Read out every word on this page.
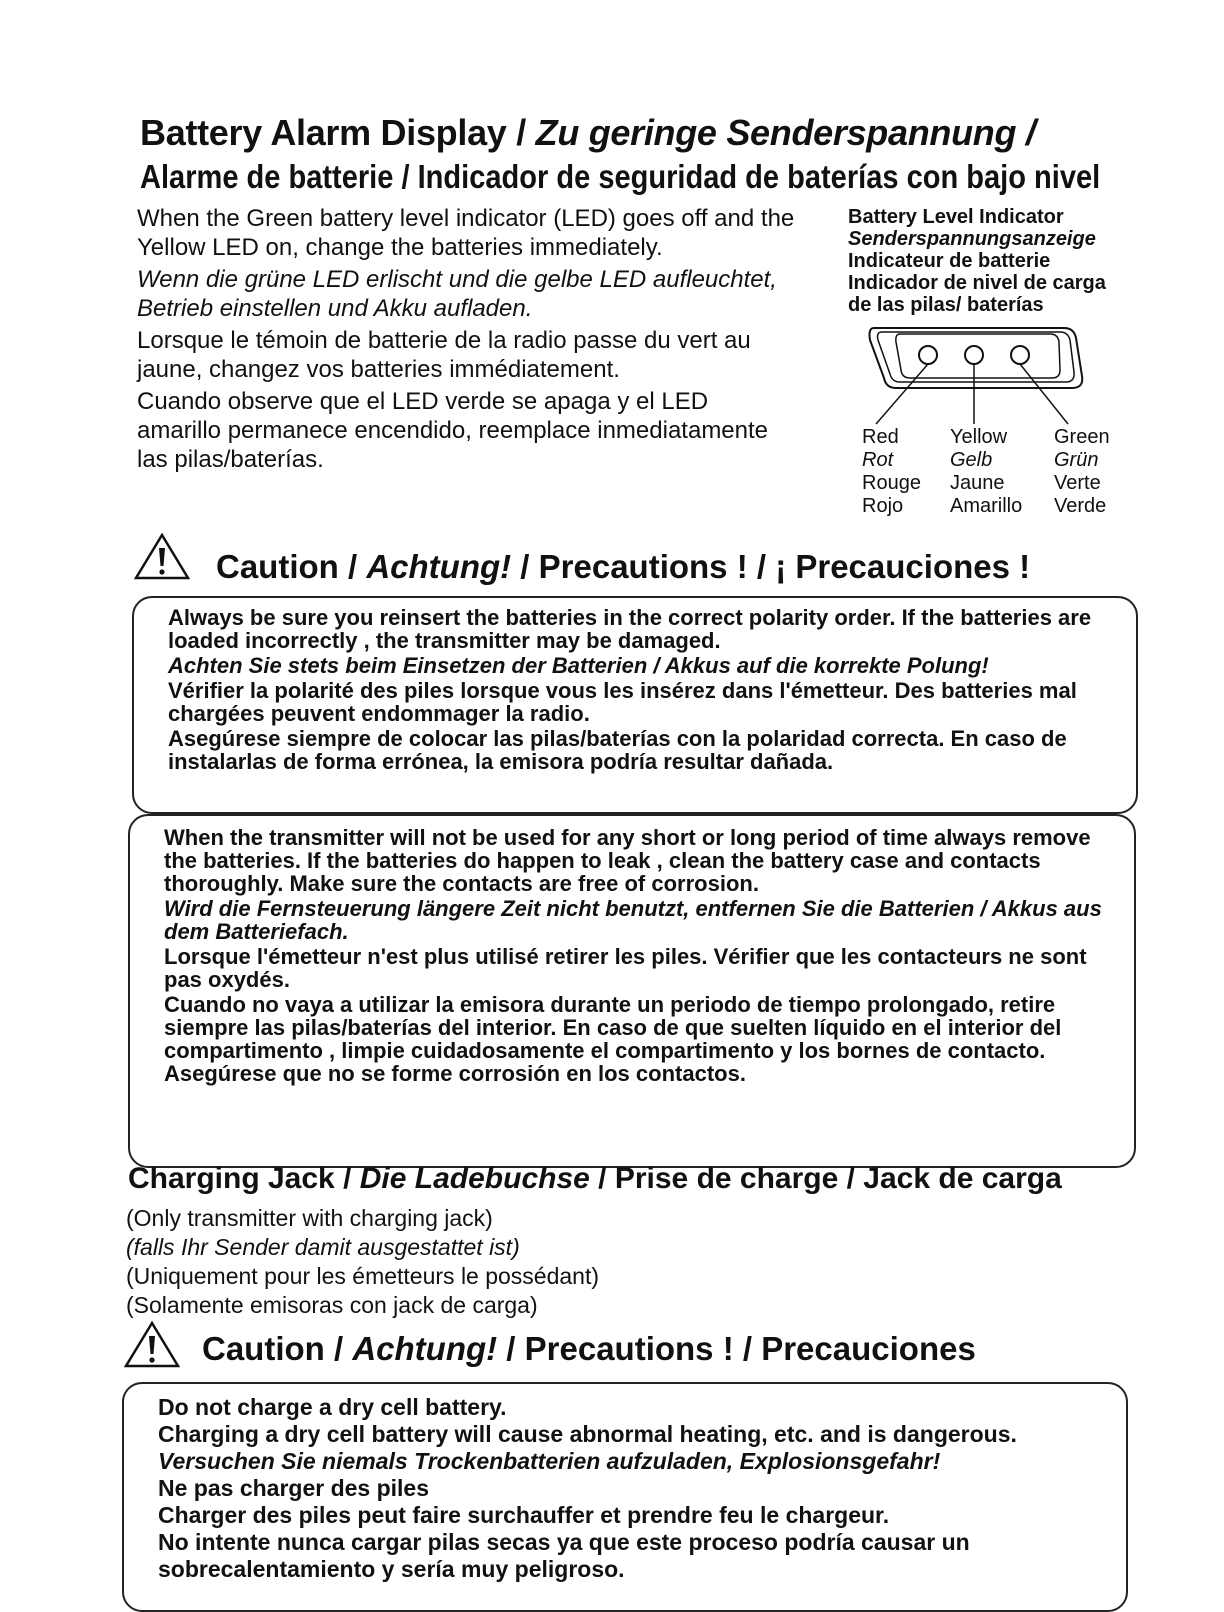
Battery Alarm Display / Zu geringe Senderspannung /
Alarme de batterie / Indicador de seguridad de baterías con bajo nivel

When the Green battery level indicator (LED) goes off and the Yellow LED on, change the batteries immediately.

Wenn die grüne LED erlischt und die gelbe LED aufleuchtet, Betrieb einstellen und Akku aufladen.

Lorsque le témoin de batterie de la radio passe du vert au jaune, changez vos batteries immédiatement.

Cuando observe que el LED verde se apaga y el LED amarillo permanece encendido, reemplace inmediatamente las pilas/baterías.

Battery Level Indicator
Senderspannungsanzeige
Indicateur de batterie
Indicador de nivel de carga
de las pilas/ baterías
Red
Rot
Rouge
Rojo
Yellow
Gelb
Jaune
Amarillo
Green
Grün
Verte
Verde
Caution / Achtung! / Precautions ! / ¡ Precauciones !

Always be sure you reinsert the batteries in the correct polarity order. If the batteries are loaded incorrectly , the transmitter may be damaged.

Achten Sie stets beim Einsetzen der Batterien / Akkus auf die korrekte Polung!

Vérifier la polarité des piles lorsque vous les insérez dans l'émetteur. Des batteries mal chargées peuvent endommager la radio.

Asegúrese siempre de colocar las pilas/baterías con la polaridad correcta. En caso de instalarlas de forma errónea, la emisora podría resultar dañada.

When the transmitter will not be used for any short or long period of time always remove the batteries. If the batteries do happen to leak , clean the battery case and contacts thoroughly. Make sure the contacts are free of corrosion.

Wird die Fernsteuerung längere Zeit nicht benutzt, entfernen Sie die Batterien / Akkus aus dem Batteriefach.

Lorsque l'émetteur n'est plus utilisé retirer les piles. Vérifier que les contacteurs ne sont pas oxydés.

Cuando no vaya a utilizar la emisora durante un periodo de tiempo prolongado, retire siempre las pilas/baterías del interior. En caso de que suelten líquido en el interior del compartimento , limpie cuidadosamente el compartimento y los bornes de contacto. Asegúrese que no se forme corrosión en los contactos.

Charging Jack / Die Ladebuchse / Prise de charge / Jack de carga
(Only transmitter with charging jack)
(falls Ihr Sender damit ausgestattet ist)
(Uniquement pour les émetteurs le possédant)
(Solamente emisoras con jack de carga)
Caution / Achtung! / Precautions ! / Precauciones
Do not charge a dry cell battery.
Charging a dry cell battery will cause abnormal heating, etc. and is dangerous.
Versuchen Sie niemals Trockenbatterien aufzuladen, Explosionsgefahr!
Ne pas charger des piles
Charger des piles peut faire surchauffer et prendre feu le chargeur.
No intente nunca cargar pilas secas ya que este proceso podría causar un
sobrecalentamiento y sería muy peligroso.
